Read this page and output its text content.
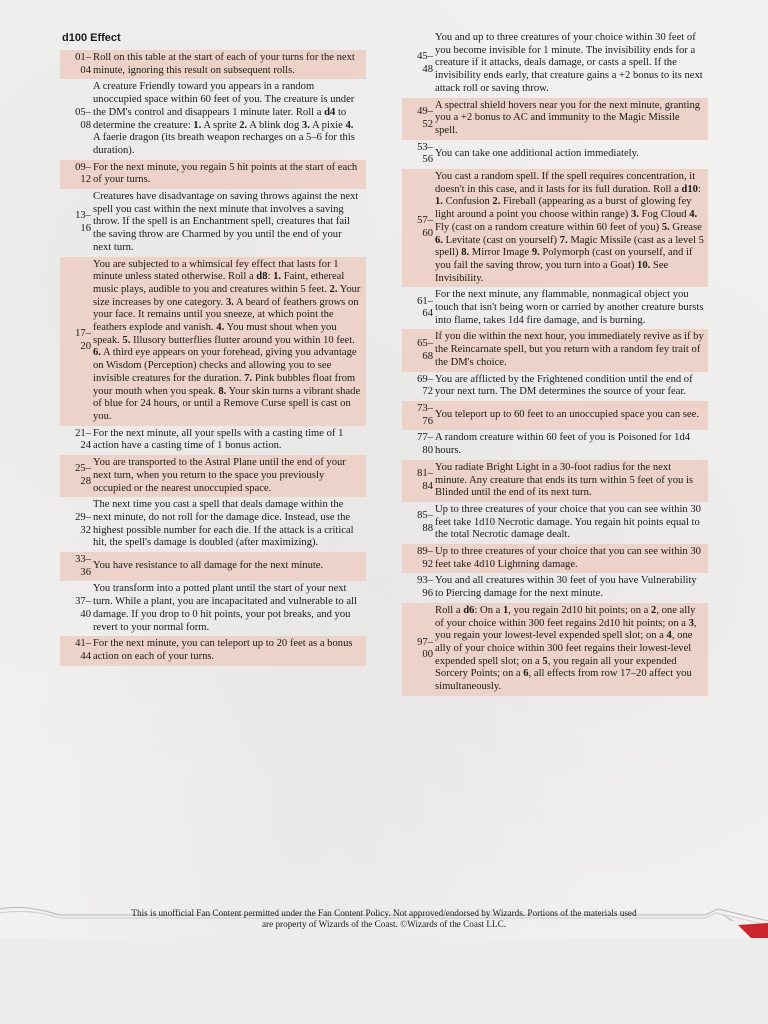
d100 Effect
01–
04
Roll on this table at the start of each of your turns for the next minute, ignoring this result on subsequent rolls.
05–
08
A creature Friendly toward you appears in a random unoccupied space within 60 feet of you. The creature is under the DM's control and disappears 1 minute later. Roll a d4 to determine the creature: 1. A sprite 2. A blink dog 3. A pixie 4. A faerie dragon (its breath weapon recharges on a 5–6 for this duration).
09–
12
For the next minute, you regain 5 hit points at the start of each of your turns.
13–
16
Creatures have disadvantage on saving throws against the next spell you cast within the next minute that involves a saving throw. If the spell is an Enchantment spell, creatures that fail the saving throw are Charmed by you until the end of your next turn.
17–
20
You are subjected to a whimsical fey effect that lasts for 1 minute unless stated otherwise. Roll a d8: 1. Faint, ethereal music plays, audible to you and creatures within 5 feet. 2. Your size increases by one category. 3. A beard of feathers grows on your face. It remains until you sneeze, at which point the feathers explode and vanish. 4. You must shout when you speak. 5. Illusory butterflies flutter around you within 10 feet. 6. A third eye appears on your forehead, giving you advantage on Wisdom (Perception) checks and allowing you to see invisible creatures for the duration. 7. Pink bubbles float from your mouth when you speak. 8. Your skin turns a vibrant shade of blue for 24 hours, or until a Remove Curse spell is cast on you.
21–
24
For the next minute, all your spells with a casting time of 1 action have a casting time of 1 bonus action.
25–
28
You are transported to the Astral Plane until the end of your next turn, when you return to the space you previously occupied or the nearest unoccupied space.
29–
32
The next time you cast a spell that deals damage within the next minute, do not roll for the damage dice. Instead, use the highest possible number for each die. If the attack is a critical hit, the spell's damage is doubled (after maximizing).
33–
36
You have resistance to all damage for the next minute.
37–
40
You transform into a potted plant until the start of your next turn. While a plant, you are incapacitated and vulnerable to all damage. If you drop to 0 hit points, your pot breaks, and you revert to your normal form.
41–
44
For the next minute, you can teleport up to 20 feet as a bonus action on each of your turns.
45–
48
You and up to three creatures of your choice within 30 feet of you become invisible for 1 minute. The invisibility ends for a creature if it attacks, deals damage, or casts a spell. If the invisibility ends early, that creature gains a +2 bonus to its next attack roll or saving throw.
49–
52
A spectral shield hovers near you for the next minute, granting you a +2 bonus to AC and immunity to the Magic Missile spell.
53–
56
You can take one additional action immediately.
57–
60
You cast a random spell. If the spell requires concentration, it doesn't in this case, and it lasts for its full duration. Roll a d10: 1. Confusion 2. Fireball (appearing as a burst of glowing fey light around a point you choose within range) 3. Fog Cloud 4. Fly (cast on a random creature within 60 feet of you) 5. Grease 6. Levitate (cast on yourself) 7. Magic Missile (cast as a level 5 spell) 8. Mirror Image 9. Polymorph (cast on yourself, and if you fail the saving throw, you turn into a Goat) 10. See Invisibility.
61–
64
For the next minute, any flammable, nonmagical object you touch that isn't being worn or carried by another creature bursts into flame, takes 1d4 fire damage, and is burning.
65–
68
If you die within the next hour, you immediately revive as if by the Reincarnate spell, but you return with a random fey trait of the DM's choice.
69–
72
You are afflicted by the Frightened condition until the end of your next turn. The DM determines the source of your fear.
73–
76
You teleport up to 60 feet to an unoccupied space you can see.
77–
80
A random creature within 60 feet of you is Poisoned for 1d4 hours.
81–
84
You radiate Bright Light in a 30-foot radius for the next minute. Any creature that ends its turn within 5 feet of you is Blinded until the end of its next turn.
85–
88
Up to three creatures of your choice that you can see within 30 feet take 1d10 Necrotic damage. You regain hit points equal to the total Necrotic damage dealt.
89–
92
Up to three creatures of your choice that you can see within 30 feet take 4d10 Lightning damage.
93–
96
You and all creatures within 30 feet of you have Vulnerability to Piercing damage for the next minute.
97–
00
Roll a d6: On a 1, you regain 2d10 hit points; on a 2, one ally of your choice within 300 feet regains 2d10 hit points; on a 3, you regain your lowest-level expended spell slot; on a 4, one ally of your choice within 300 feet regains their lowest-level expended spell slot; on a 5, you regain all your expended Sorcery Points; on a 6, all effects from row 17–20 affect you simultaneously.
This is unofficial Fan Content permitted under the Fan Content Policy. Not approved/endorsed by Wizards. Portions of the materials used
are property of Wizards of the Coast. ©Wizards of the Coast LLC.
